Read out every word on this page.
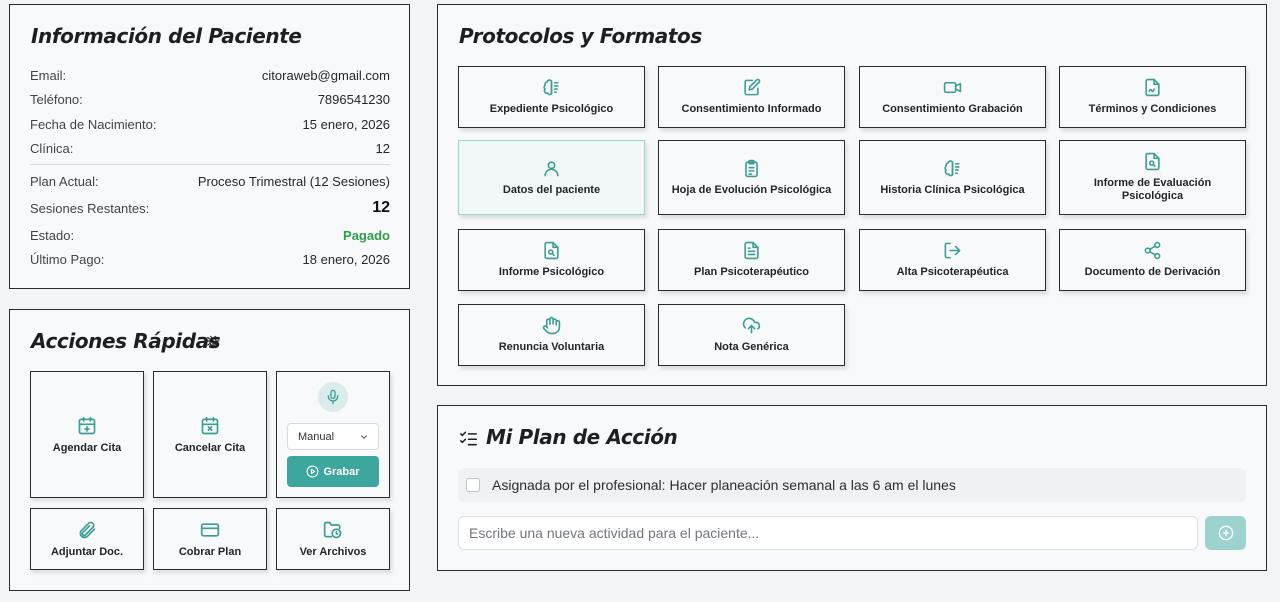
Información del Paciente
Email:	citoraweb@gmail.com
Teléfono:	7896541230
Fecha de Nacimiento:	15 enero, 2026
Clínica:	12
Plan Actual:	Proceso Trimestral (12 Sesiones)
Sesiones Restantes:	12
Estado:	Pagado
Último Pago:	18 enero, 2026
Acciones Rápidas
Agendar Cita	Cancelar Cita
Manual
Grabar
Adjuntar Doc.	Cobrar Plan	Ver Archivos
Protocolos y Formatos
Expediente Psicológico	Consentimiento Informado	Consentimiento Grabación	Términos y Condiciones
Datos del paciente	Hoja de Evolución Psicológica	Historia Clínica Psicológica
Informe de Evaluación Psicológica
Informe Psicológico	Plan Psicoterapéutico	Alta Psicoterapéutica	Documento de Derivación
Renuncia Voluntaria	Nota Genérica
Mi Plan de Acción
Asignada por el profesional: Hacer planeación semanal a las 6 am el lunes
Escribe una nueva actividad para el paciente...
